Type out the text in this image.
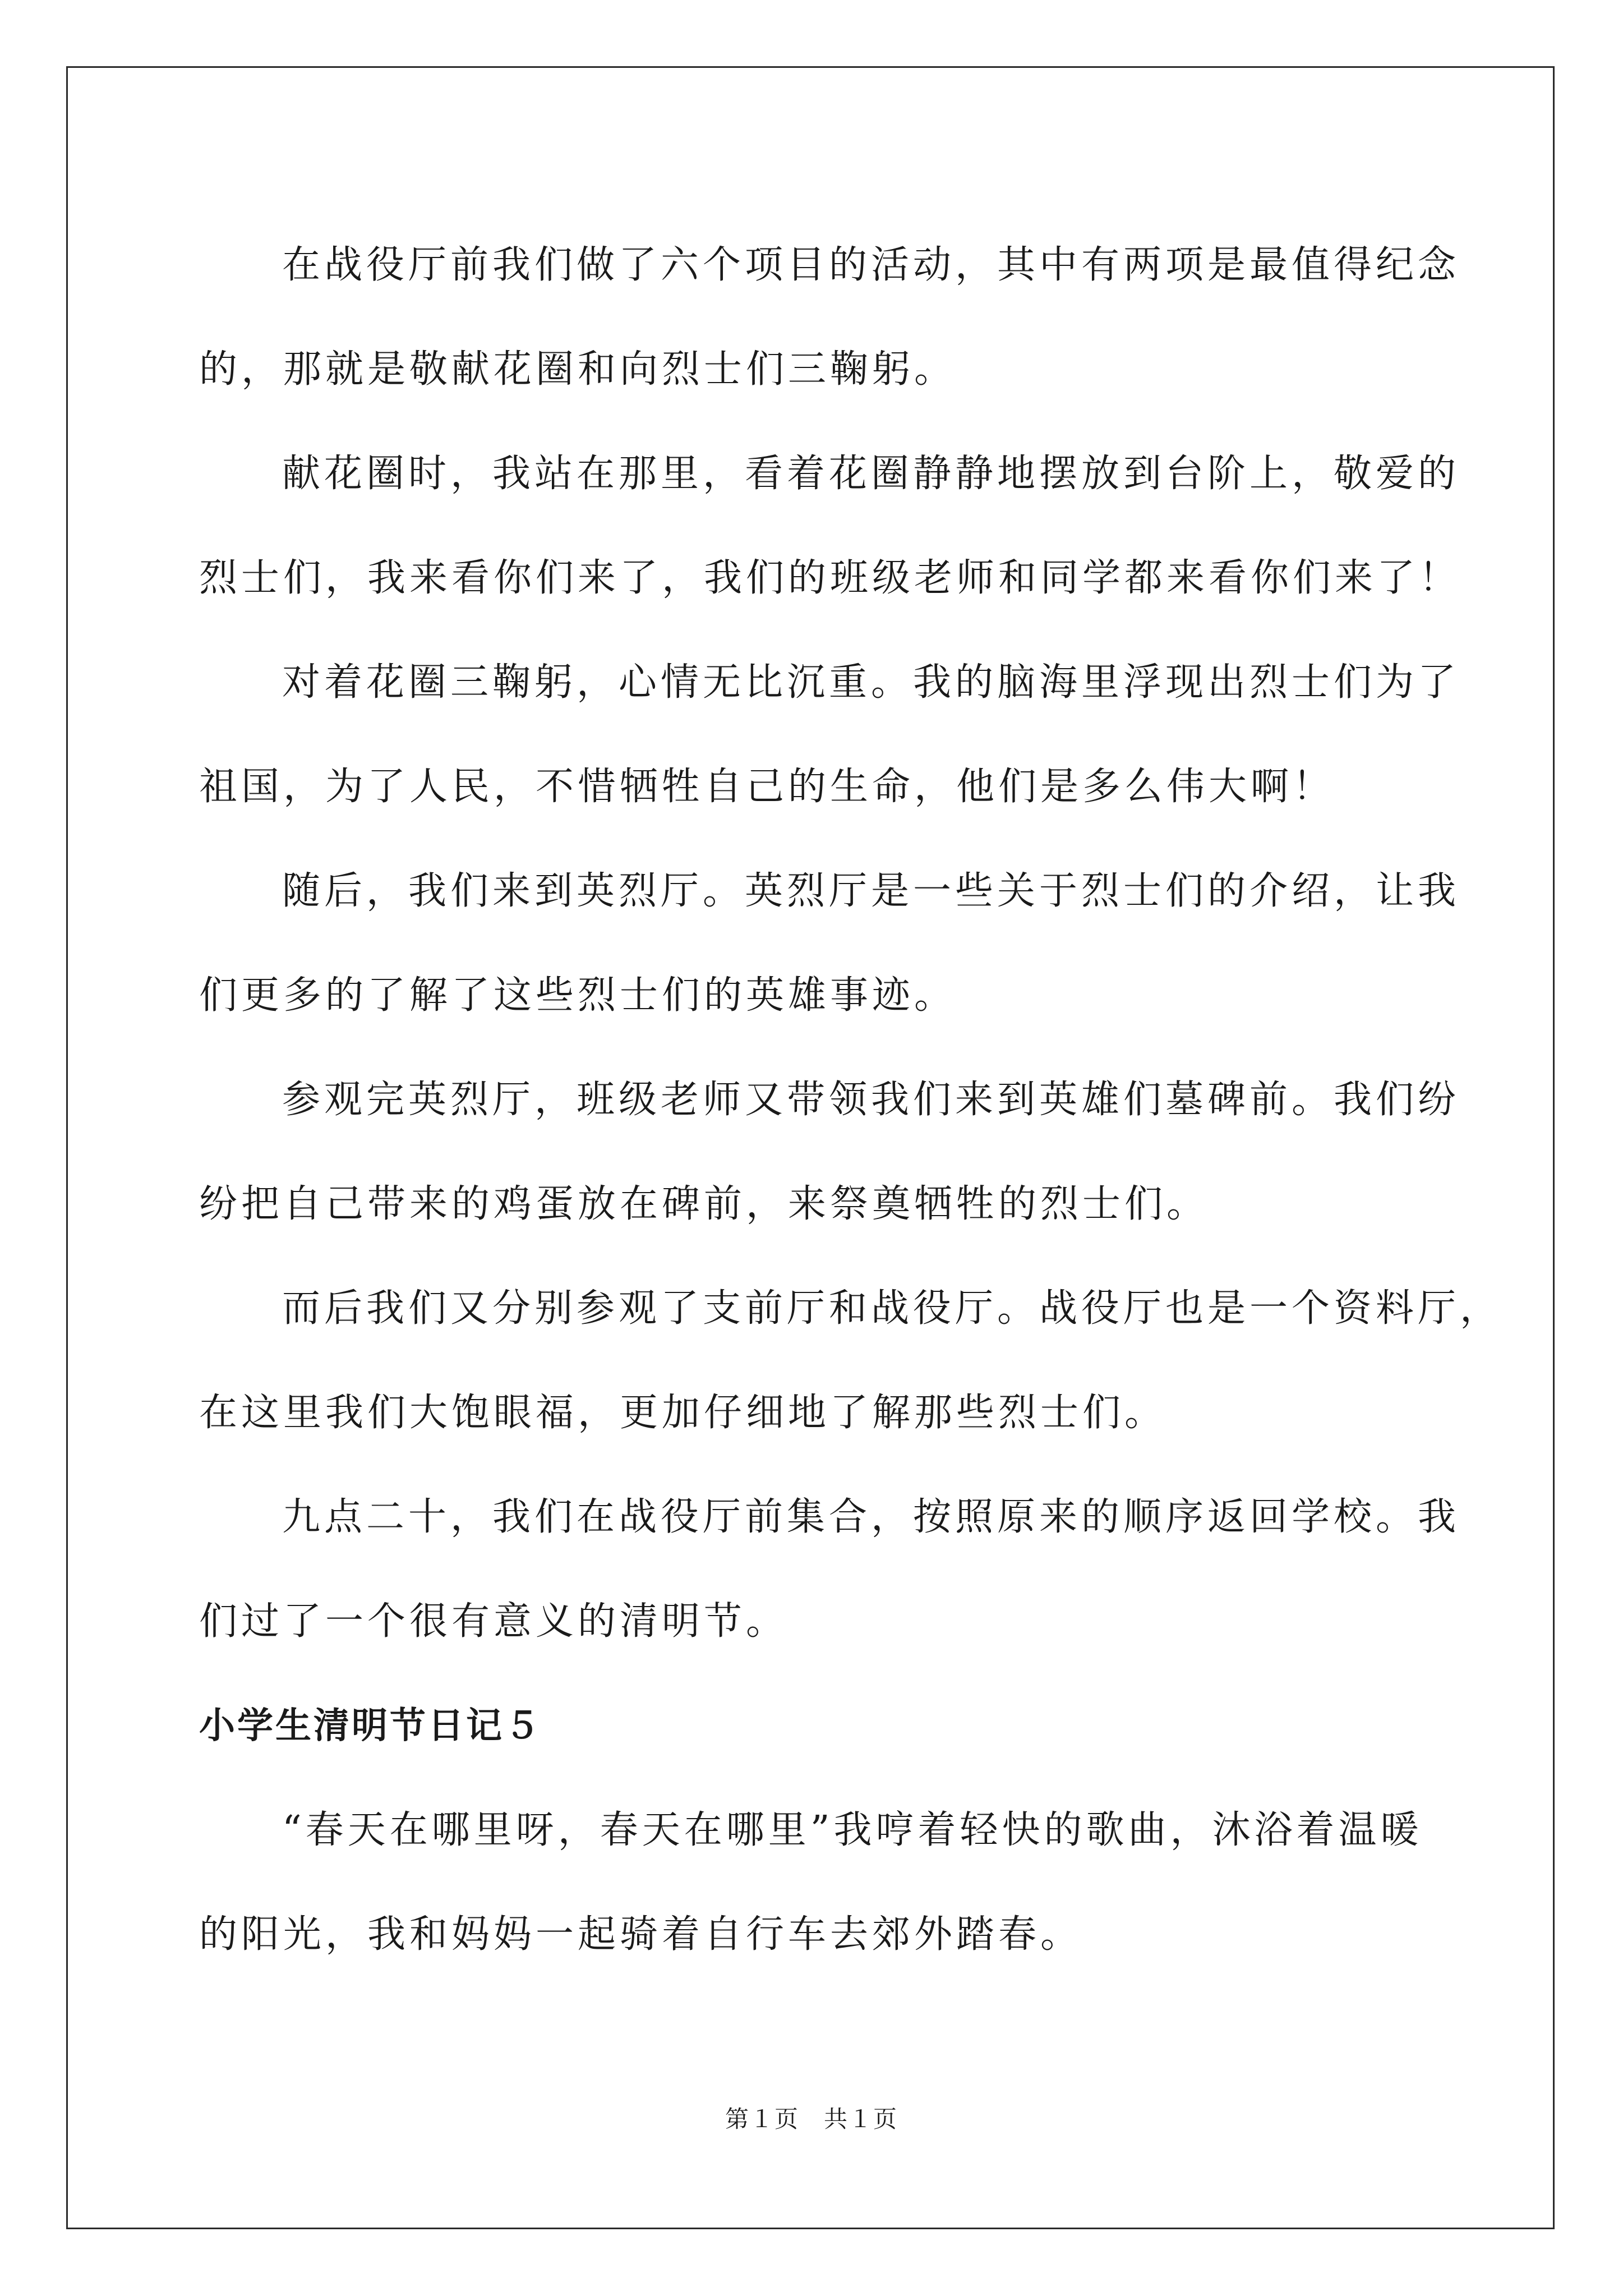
在战役厅前我们做了六个项目的活动，其中有两项是最值得纪念
的，那就是敬献花圈和向烈士们三鞠躬。

献花圈时，我站在那里，看着花圈静静地摆放到台阶上，敬爱的
烈士们，我来看你们来了，我们的班级老师和同学都来看你们来了！

对着花圈三鞠躬，心情无比沉重。我的脑海里浮现出烈士们为了
祖国，为了人民，不惜牺牲自己的生命，他们是多么伟大啊！

随后，我们来到英烈厅。英烈厅是一些关于烈士们的介绍，让我
们更多的了解了这些烈士们的英雄事迹。

参观完英烈厅，班级老师又带领我们来到英雄们墓碑前。我们纷
纷把自己带来的鸡蛋放在碑前，来祭奠牺牲的烈士们。

而后我们又分别参观了支前厅和战役厅。战役厅也是一个资料厅，
在这里我们大饱眼福，更加仔细地了解那些烈士们。

九点二十，我们在战役厅前集合，按照原来的顺序返回学校。我
们过了一个很有意义的清明节。

小学生清明节日记５

“春天在哪里呀，春天在哪里”我哼着轻快的歌曲，沐浴着温暖
的阳光，我和妈妈一起骑着自行车去郊外踏春。

第１页　共１页
